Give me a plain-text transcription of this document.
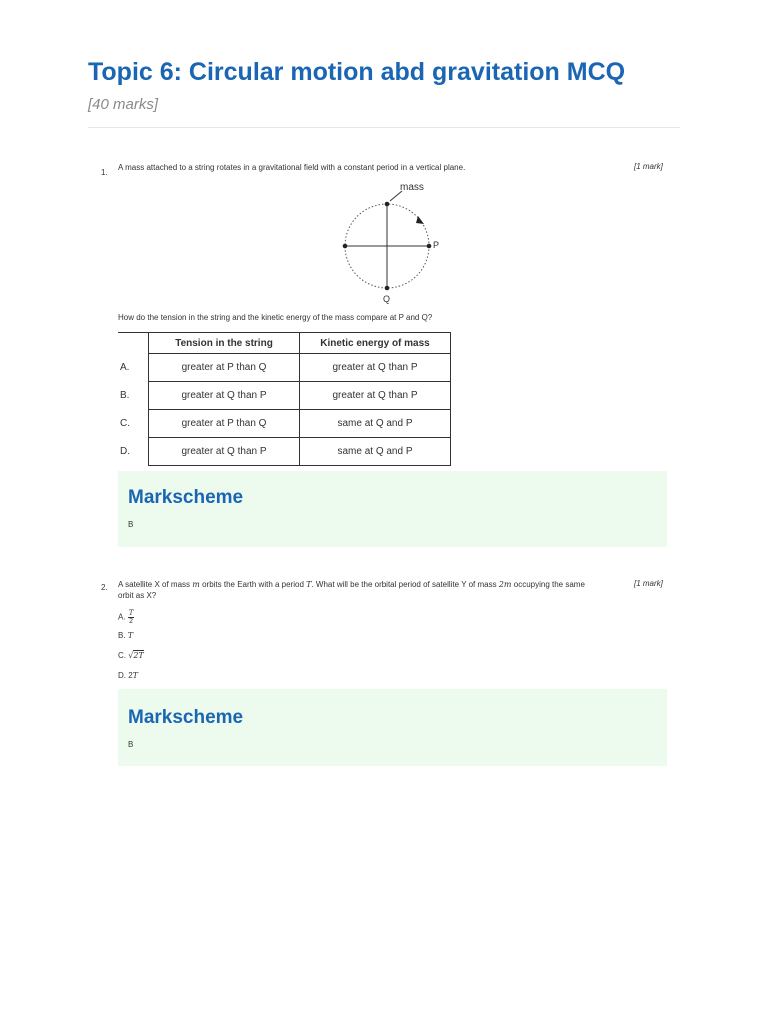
Topic 6: Circular motion abd gravitation MCQ

[40 marks]

1.
A mass attached to a string rotates in a gravitational field with a constant period in a vertical plane.	[1 mark]
mass
P
Q
How do the tension in the string and the kinetic energy of the mass compare at P and Q?
	Tension in the string	Kinetic energy of mass
A.	greater at P than Q	greater at Q than P
B.	greater at Q than P	greater at Q than P
C.	greater at P than Q	same at Q and P
D.	greater at Q than P	same at Q and P
Markscheme
B
2. A satellite X of mass m orbits the Earth with a period T. What will be the orbital period of satellite Y of mass 2m occupying the same
orbit as X?
[1 mark]
A. $\frac{T}{2}$
B. T
C. √2T
D. 2T
Markscheme
B
